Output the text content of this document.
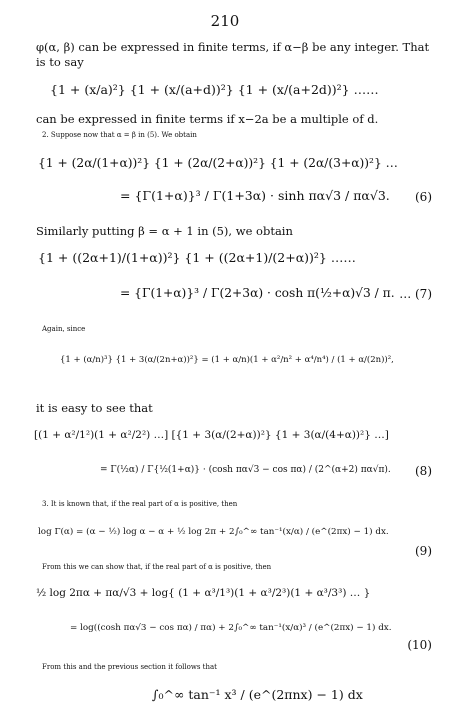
210
φ(α, β) can be expressed in finite terms, if α−β be any integer. That
is to say
{1 + (x/a)²} {1 + (x/(a+d))²} {1 + (x/(a+2d))²} ……
can be expressed in finite terms if x−2a be a multiple of d.
2. Suppose now that α = β in (5). We obtain
{1 + (2α/(1+α))²} {1 + (2α/(2+α))²} {1 + (2α/(3+α))²} …
= {Γ(1+α)}³ / Γ(1+3α) · sinh πα√3 / πα√3. (6)
Similarly putting β = α + 1 in (5), we obtain
{1 + ((2α+1)/(1+α))²} {1 + ((2α+1)/(2+α))²} ……
= {Γ(1+α)}³ / Γ(2+3α) · cosh π(½+α)√3 / π. … (7)
Again, since
{1 + (α/n)³} {1 + 3(α/(2n+α))²} = (1 + α/n)(1 + α²/n² + α⁴/n⁴) / (1 + α/(2n))²,
it is easy to see that
[(1 + α²/1²)(1 + α²/2²) …] [{1 + 3(α/(2+α))²} {1 + 3(α/(4+α))²} …]
= Γ(½α) / Γ{½(1+α)} · (cosh πα√3 − cos πα) / (2^(α+2) πα√π). (8)
3. It is known that, if the real part of α is positive, then
log Γ(α) = (α − ½) log α − α + ½ log 2π + 2∫₀^∞ tan⁻¹(x/α) / (e^(2πx) − 1) dx.
(9)
From this we can show that, if the real part of α is positive, then
½ log 2πα + πα/√3 + log{ (1 + α³/1³)(1 + α³/2³)(1 + α³/3³) … }
= log((cosh πα√3 − cos πα) / πα) + 2∫₀^∞ tan⁻¹(x/α)³ / (e^(2πx) − 1) dx.
(10)
From this and the previous section it follows that
∫₀^∞ tan⁻¹ x³ / (e^(2πnx) − 1) dx
